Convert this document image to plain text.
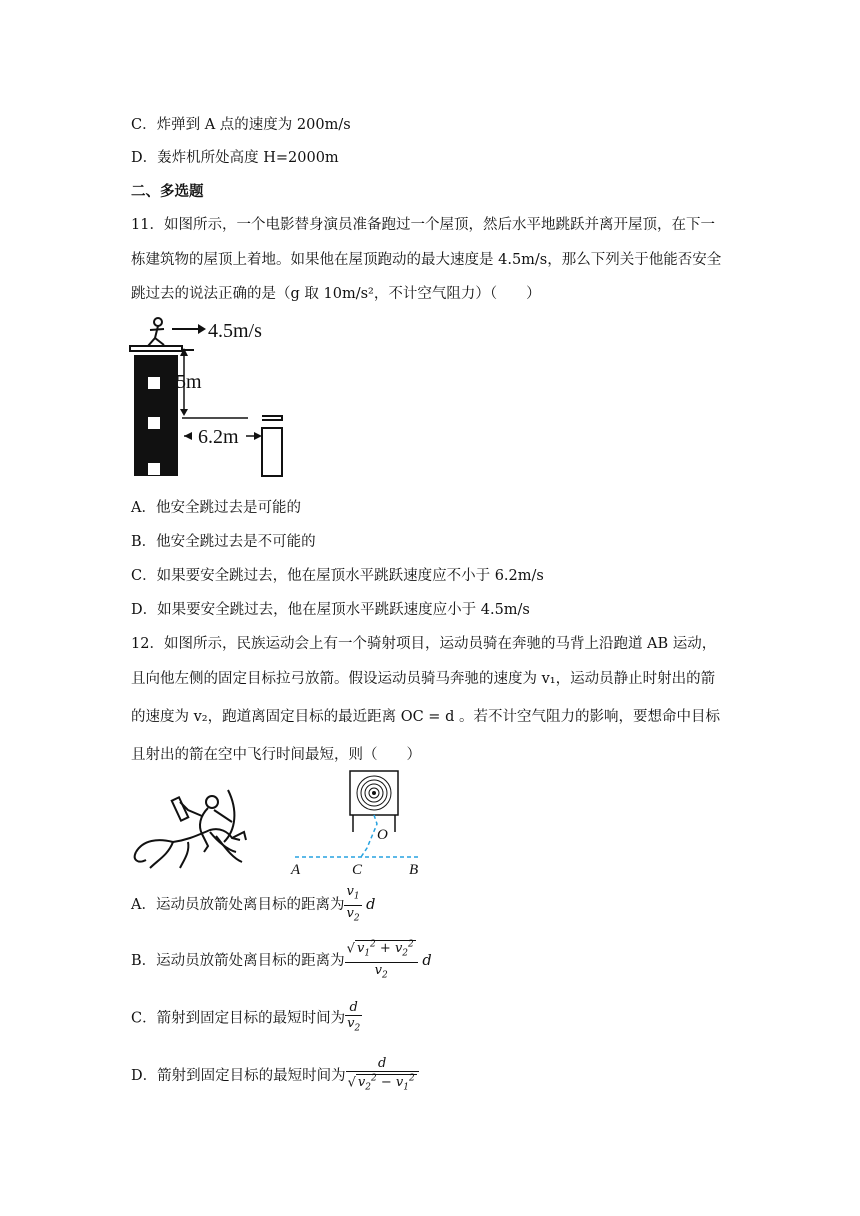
C．炸弹到 A 点的速度为 200m/s
D．轰炸机所处高度 H=2000m
二、多选题
11．如图所示，一个电影替身演员准备跑过一个屋顶，然后水平地跳跃并离开屋顶，在下一
栋建筑物的屋顶上着地。如果他在屋顶跑动的最大速度是 4.5m/s，那么下列关于他能否安全
跳过去的说法正确的是（g 取 10m/s²，不计空气阻力）（　　）
4.5m/s
5m
6.2m
A．他安全跳过去是可能的
B．他安全跳过去是不可能的
C．如果要安全跳过去，他在屋顶水平跳跃速度应不小于 6.2m/s
D．如果要安全跳过去，他在屋顶水平跳跃速度应小于 4.5m/s
12．如图所示，民族运动会上有一个骑射项目，运动员骑在奔驰的马背上沿跑道 AB 运动，
且向他左侧的固定目标拉弓放箭。假设运动员骑马奔驰的速度为 v₁，运动员静止时射出的箭
的速度为 v₂，跑道离固定目标的最近距离 OC = d 。若不计空气阻力的影响，要想命中目标
且射出的箭在空中飞行时间最短，则（　　）
O
A	C	B
A．运动员放箭处离目标的距离为 $\frac{v_1}{v_2}$ d
B．运动员放箭处离目标的距离为 $\frac{√ v_1^2 + v_2^2}{v_2}$ d
C．箭射到固定目标的最短时间为 $\frac{d}{v_2}$
D．箭射到固定目标的最短时间为 $\frac{d}{√ v_2^2 - v_1^2}$
